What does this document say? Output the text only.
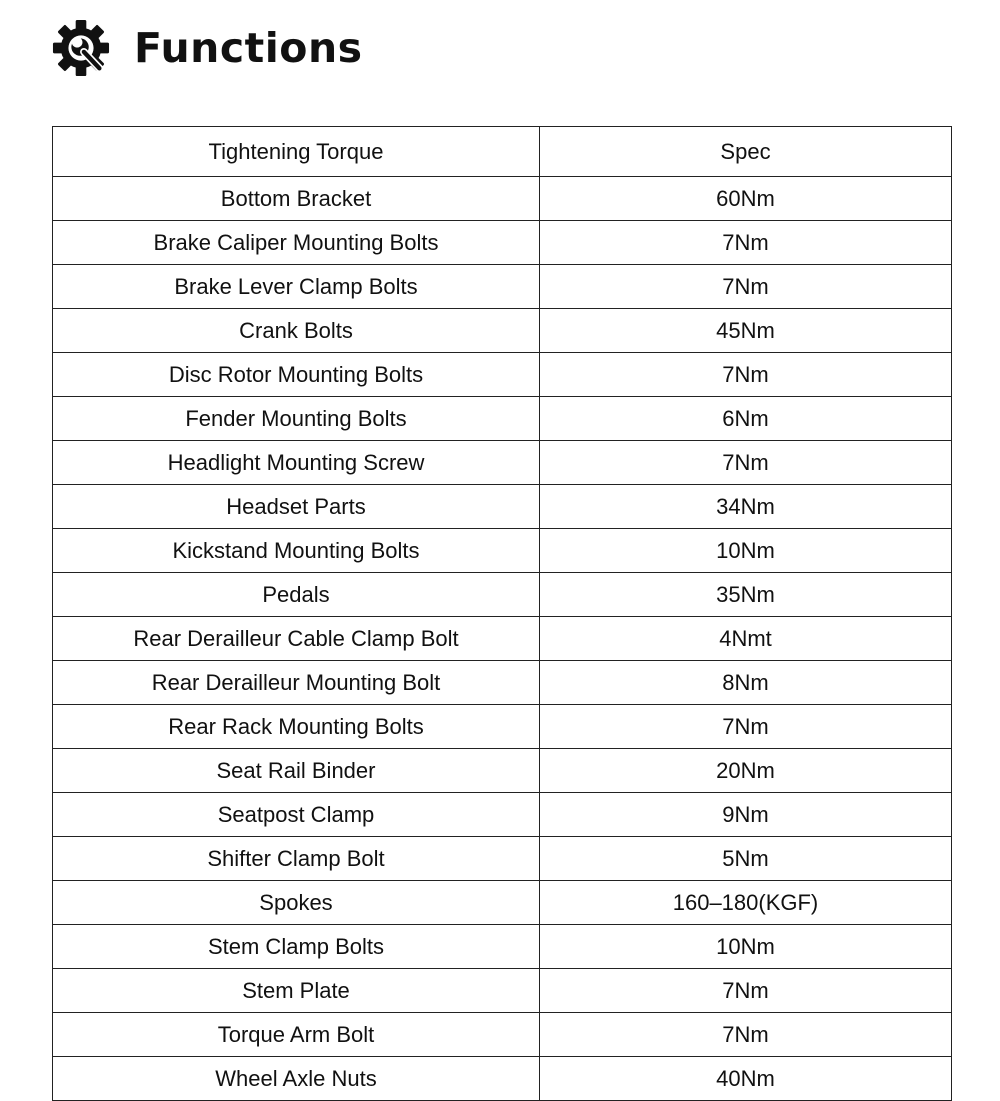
Functions
Tightening Torque	Spec
Bottom Bracket	60Nm
Brake Caliper Mounting Bolts	7Nm
Brake Lever Clamp Bolts	7Nm
Crank Bolts	45Nm
Disc Rotor Mounting Bolts	7Nm
Fender Mounting Bolts	6Nm
Headlight Mounting Screw	7Nm
Headset Parts	34Nm
Kickstand Mounting Bolts	10Nm
Pedals	35Nm
Rear Derailleur Cable Clamp Bolt	4Nmt
Rear Derailleur Mounting Bolt	8Nm
Rear Rack Mounting Bolts	7Nm
Seat Rail Binder	20Nm
Seatpost Clamp	9Nm
Shifter Clamp Bolt	5Nm
Spokes	160–180(KGF)
Stem Clamp Bolts	10Nm
Stem Plate	7Nm
Torque Arm Bolt	7Nm
Wheel Axle Nuts	40Nm
